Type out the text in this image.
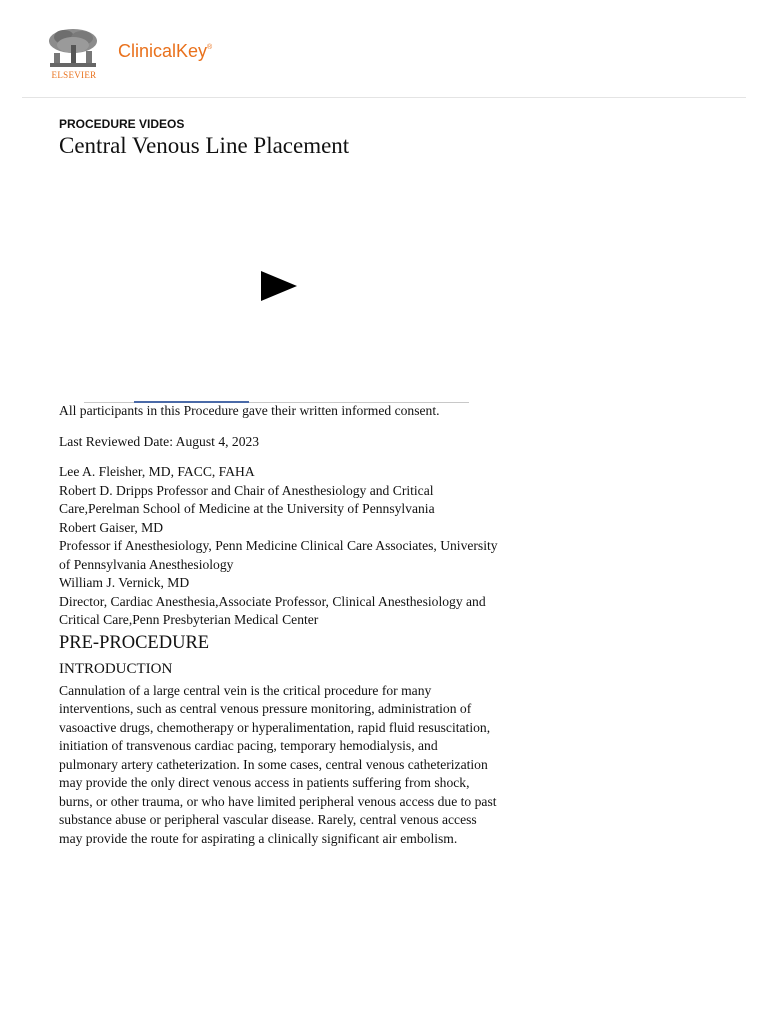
ELSEVIER
ClinicalKey®
PROCEDURE VIDEOS
Central Venous Line Placement

All participants in this Procedure gave their written informed consent.

Last Reviewed Date: August 4, 2023

Lee A. Fleisher, MD, FACC, FAHA

Robert D. Dripps Professor and Chair of Anesthesiology and Critical Care,Perelman School of Medicine at the University of Pennsylvania

Robert Gaiser, MD

Professor if Anesthesiology, Penn Medicine Clinical Care Associates, University of Pennsylvania Anesthesiology

William J. Vernick, MD

Director, Cardiac Anesthesia,Associate Professor, Clinical Anesthesiology and Critical Care,Penn Presbyterian Medical Center

PRE-PROCEDURE
INTRODUCTION

Cannulation of a large central vein is the critical procedure for many interventions, such as central venous pressure monitoring, administration of vasoactive drugs, chemotherapy or hyperalimentation, rapid fluid resuscitation, initiation of transvenous cardiac pacing, temporary hemodialysis, and pulmonary artery catheterization. In some cases, central venous catheterization may provide the only direct venous access in patients suffering from shock, burns, or other trauma, or who have limited peripheral venous access due to past substance abuse or peripheral vascular disease. Rarely, central venous access may provide the route for aspirating a clinically significant air embolism.
